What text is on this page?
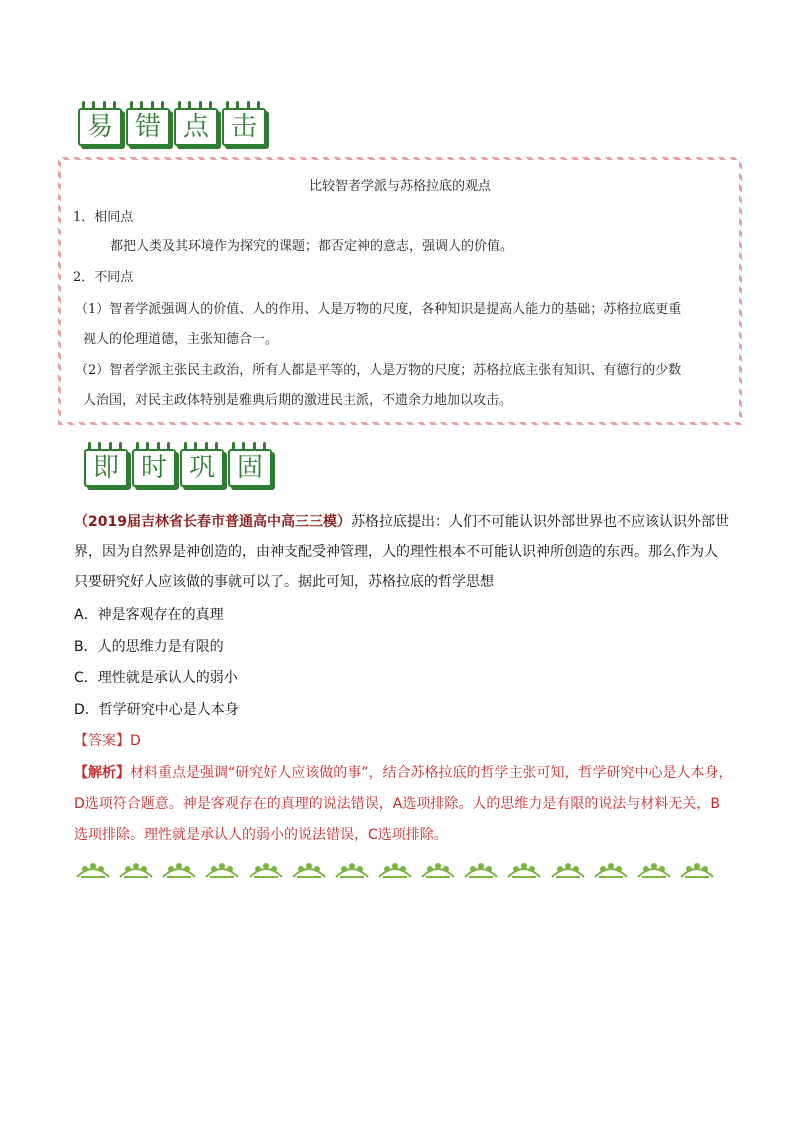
易 错 点 击

比较智者学派与苏格拉底的观点

1．相同点

都把人类及其环境作为探究的课题；都否定神的意志，强调人的价值。

2．不同点

（1）智者学派强调人的价值、人的作用、人是万物的尺度，各种知识是提高人能力的基础；苏格拉底更重

视人的伦理道德，主张知德合一。

（2）智者学派主张民主政治，所有人都是平等的，人是万物的尺度；苏格拉底主张有知识、有德行的少数

人治国，对民主政体特别是雅典后期的激进民主派，不遗余力地加以攻击。

即 时 巩 固
（2019届吉林省长春市普通高中高三三模）苏格拉底提出：人们不可能认识外部世界也不应该认识外部世
界，因为自然界是神创造的，由神支配受神管理，人的理性根本不可能认识神所创造的东西。那么作为人
只要研究好人应该做的事就可以了。据此可知，苏格拉底的哲学思想
A．神是客观存在的真理
B．人的思维力是有限的
C．理性就是承认人的弱小
D．哲学研究中心是人本身
【答案】D
【解析】材料重点是强调“研究好人应该做的事”，结合苏格拉底的哲学主张可知，哲学研究中心是人本身，
D选项符合题意。神是客观存在的真理的说法错误，A选项排除。人的思维力是有限的说法与材料无关，B
选项排除。理性就是承认人的弱小的说法错误，C选项排除。
